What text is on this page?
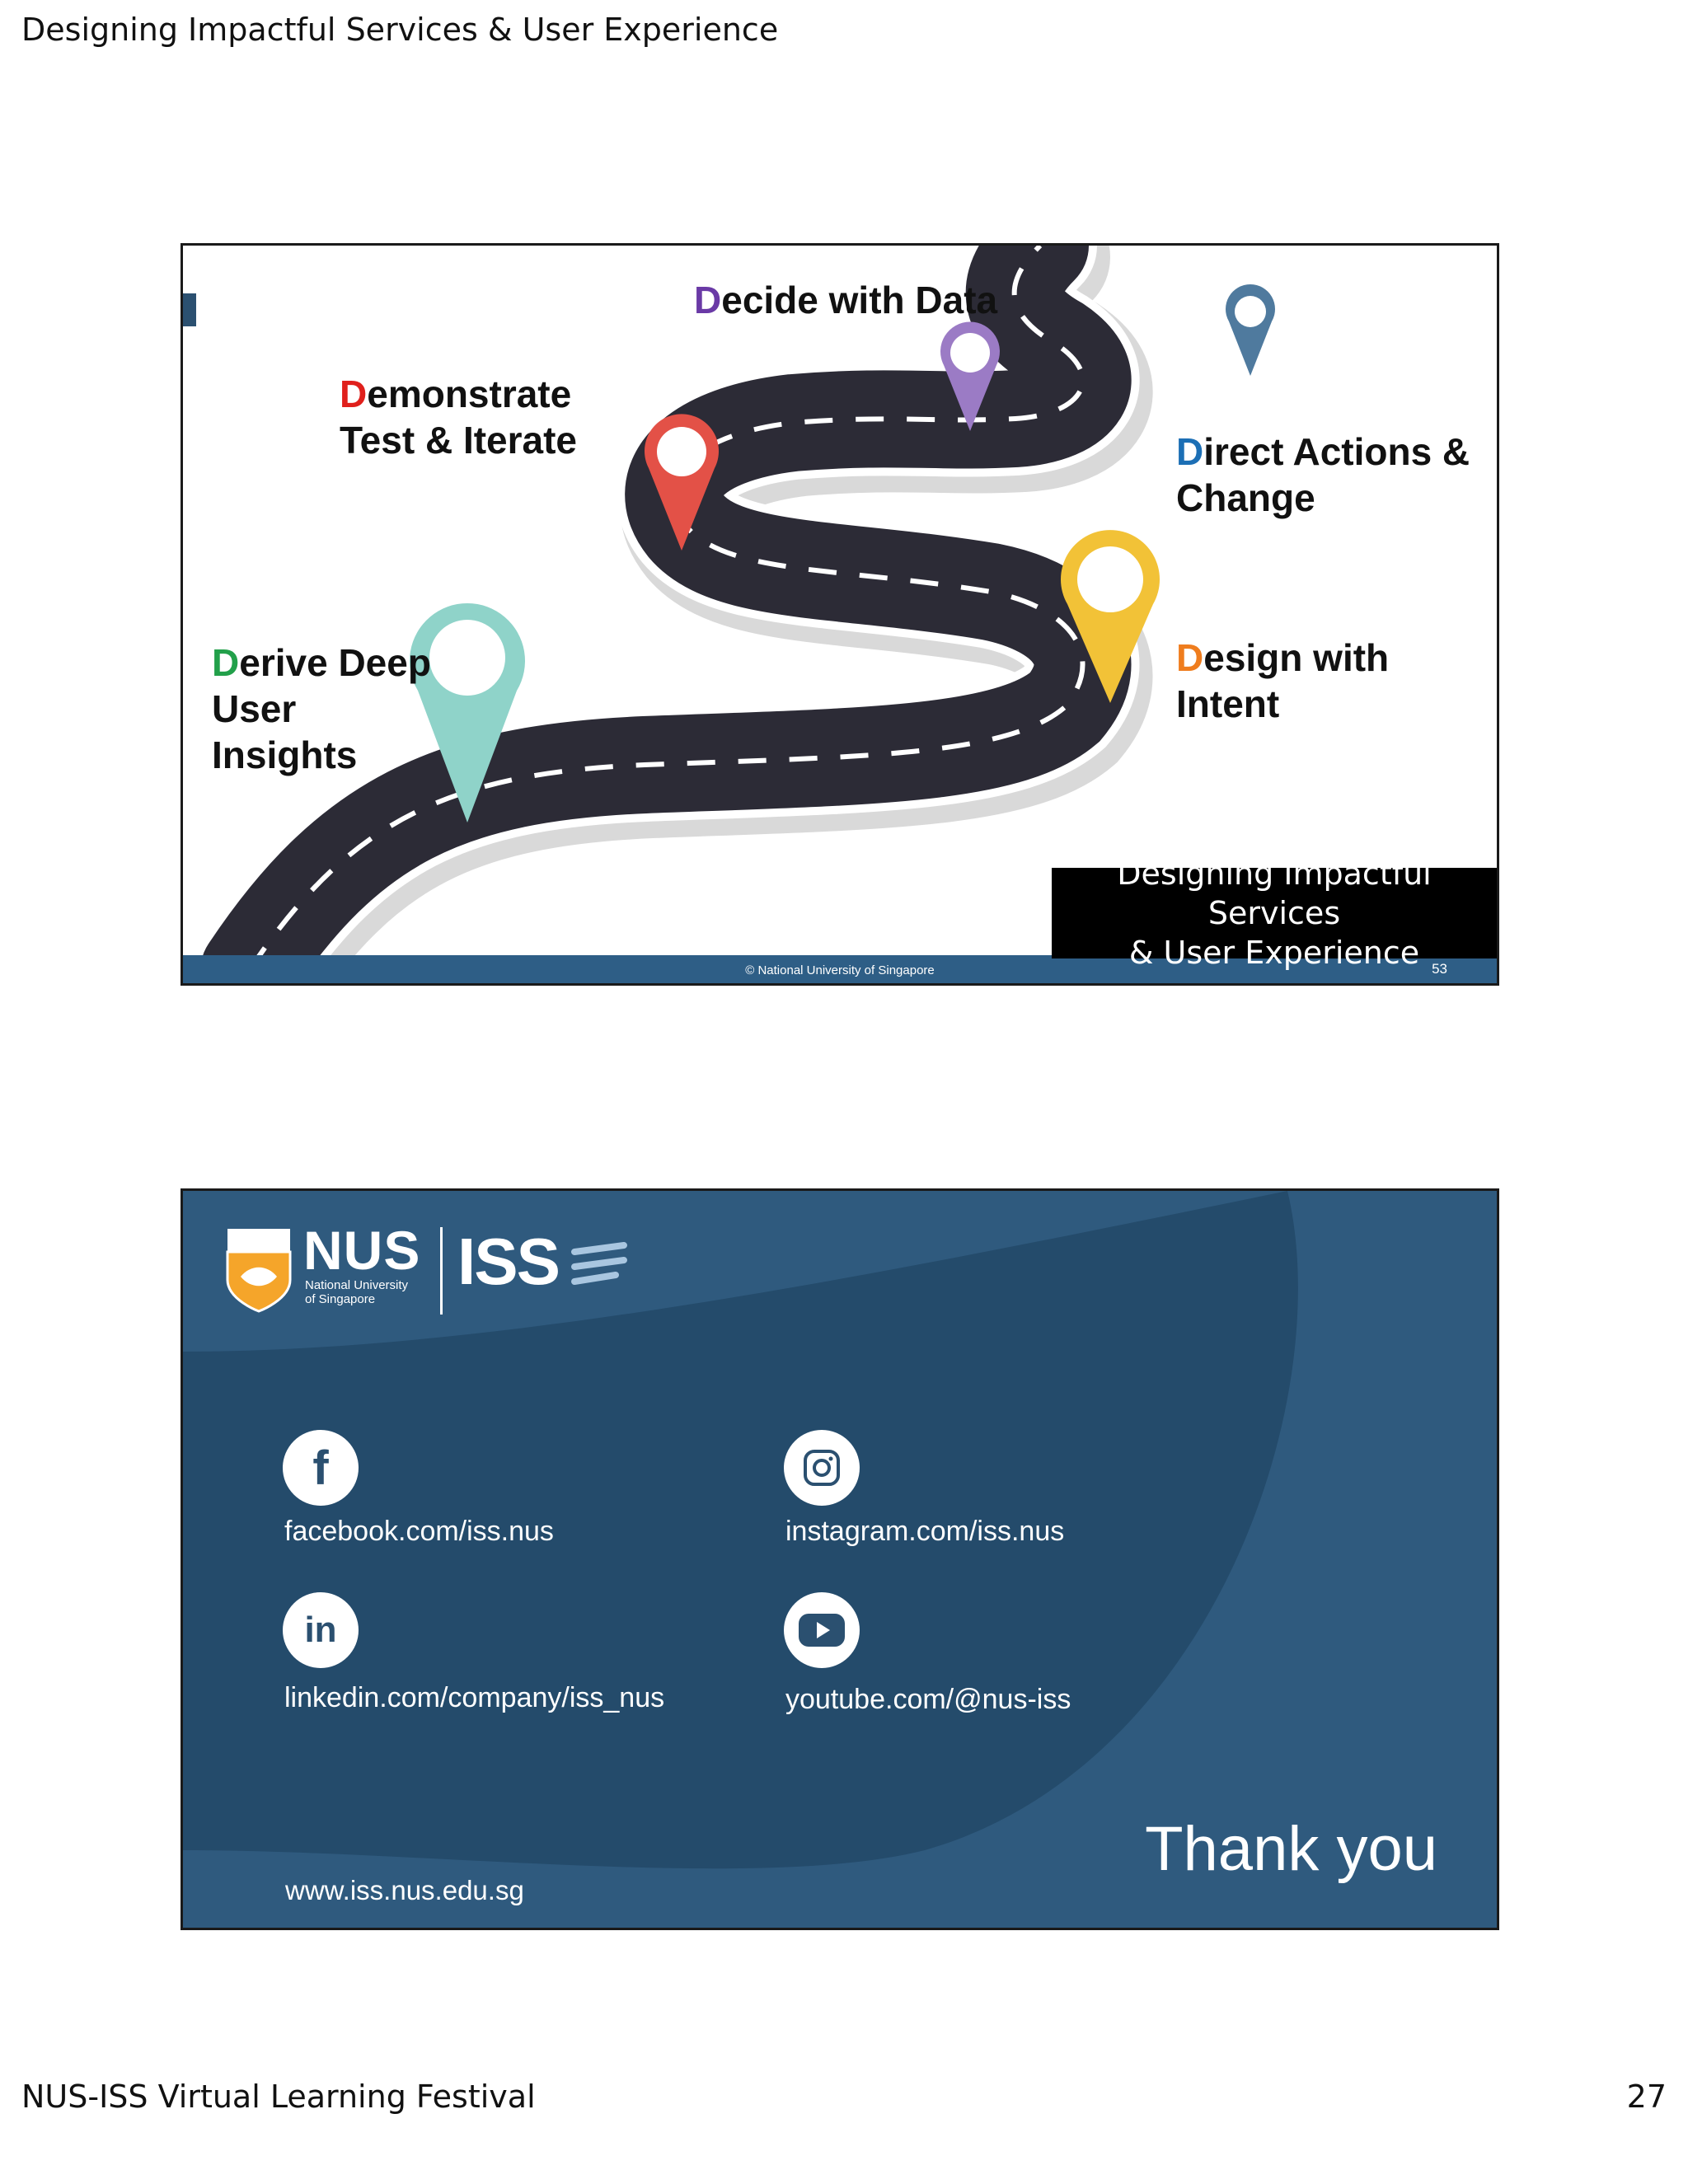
Designing Impactful Services & User Experience
Decide with Data
Demonstrate
Test & Iterate	Direct Actions &
Change
Design with
Intent
Derive Deep
User
Insights
© National University of Singapore	53
Designing Impactful Services
& User Experience
NUS
National University
of Singapore
ISS
f
facebook.com/iss.nus	instagram.com/iss.nus
in
linkedin.com/company/iss_nus	youtube.com/@nus-iss
Thank you
www.iss.nus.edu.sg
NUS-ISS Virtual Learning Festival	27
